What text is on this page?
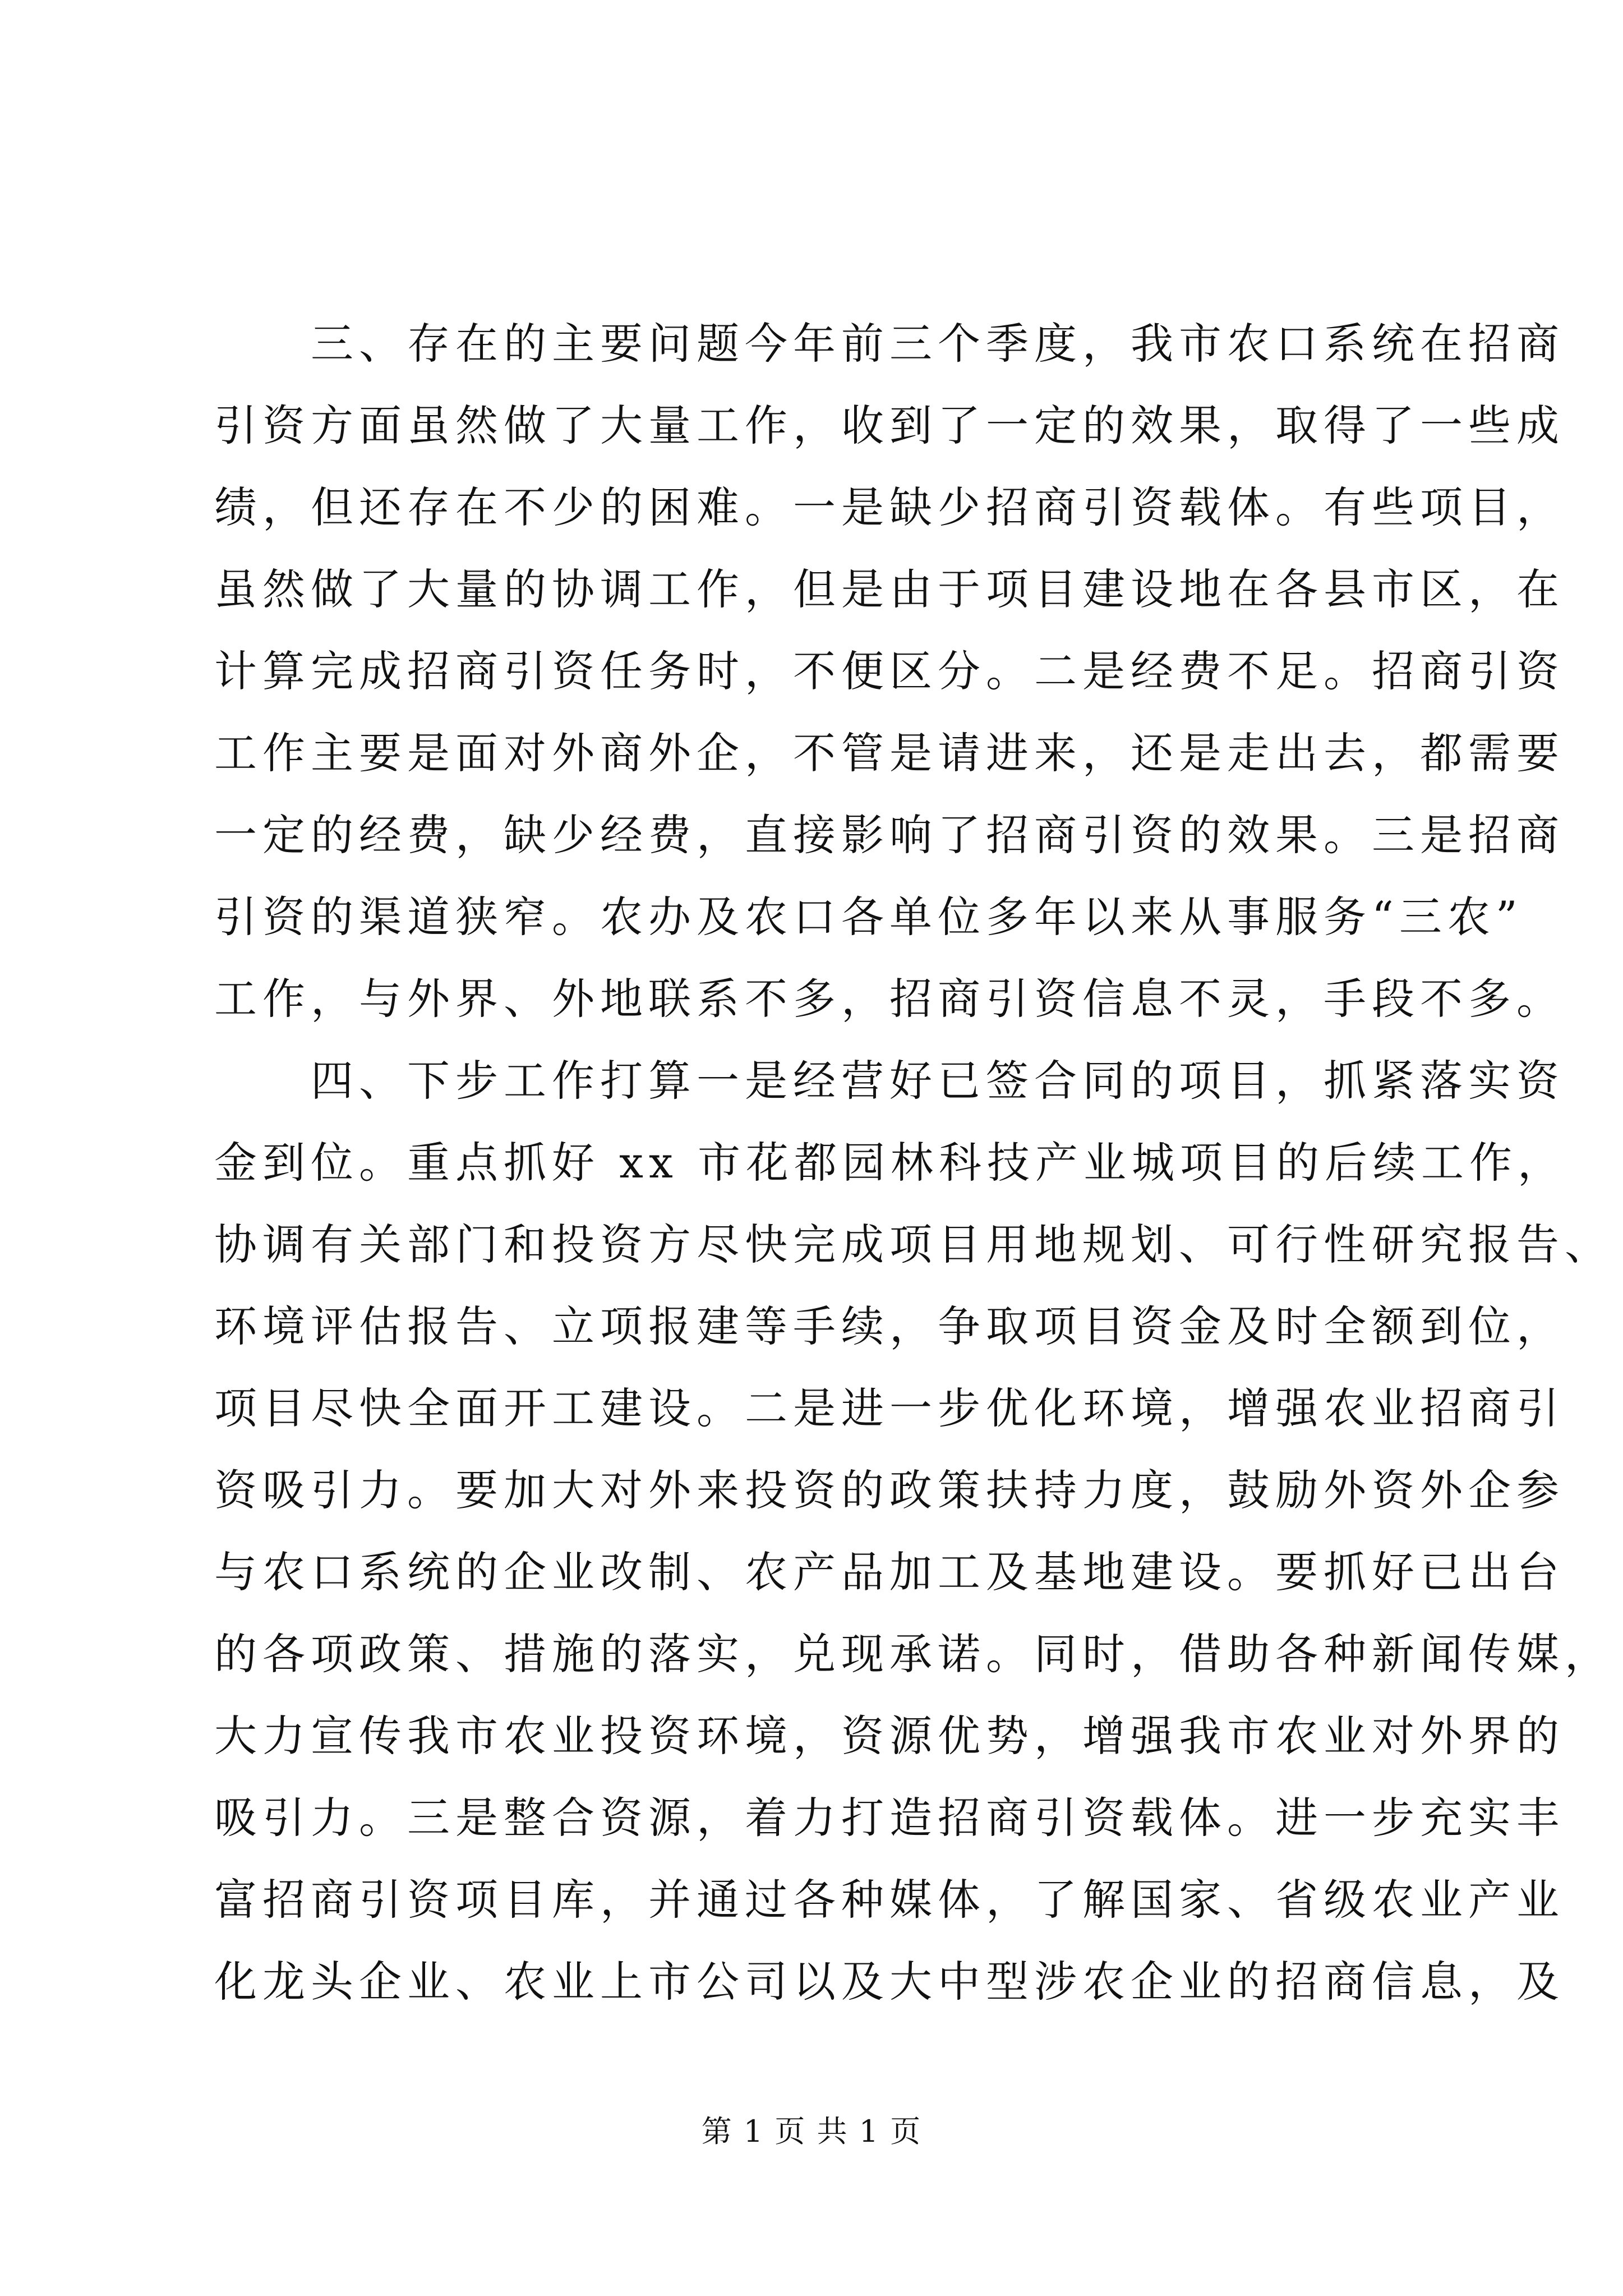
　　三、存在的主要问题今年前三个季度，我市农口系统在招商
引资方面虽然做了大量工作，收到了一定的效果，取得了一些成
绩，但还存在不少的困难。一是缺少招商引资载体。有些项目，
虽然做了大量的协调工作，但是由于项目建设地在各县市区，在
计算完成招商引资任务时，不便区分。二是经费不足。招商引资
工作主要是面对外商外企，不管是请进来，还是走出去，都需要
一定的经费，缺少经费，直接影响了招商引资的效果。三是招商
引资的渠道狭窄。农办及农口各单位多年以来从事服务“三农”
工作，与外界、外地联系不多，招商引资信息不灵，手段不多。
　　四、下步工作打算一是经营好已签合同的项目，抓紧落实资
金到位。重点抓好 xx 市花都园林科技产业城项目的后续工作，
协调有关部门和投资方尽快完成项目用地规划、可行性研究报告、
环境评估报告、立项报建等手续，争取项目资金及时全额到位，
项目尽快全面开工建设。二是进一步优化环境，增强农业招商引
资吸引力。要加大对外来投资的政策扶持力度，鼓励外资外企参
与农口系统的企业改制、农产品加工及基地建设。要抓好已出台
的各项政策、措施的落实，兑现承诺。同时，借助各种新闻传媒，
大力宣传我市农业投资环境，资源优势，增强我市农业对外界的
吸引力。三是整合资源，着力打造招商引资载体。进一步充实丰
富招商引资项目库，并通过各种媒体，了解国家、省级农业产业
化龙头企业、农业上市公司以及大中型涉农企业的招商信息，及
第 1 页 共 1 页
